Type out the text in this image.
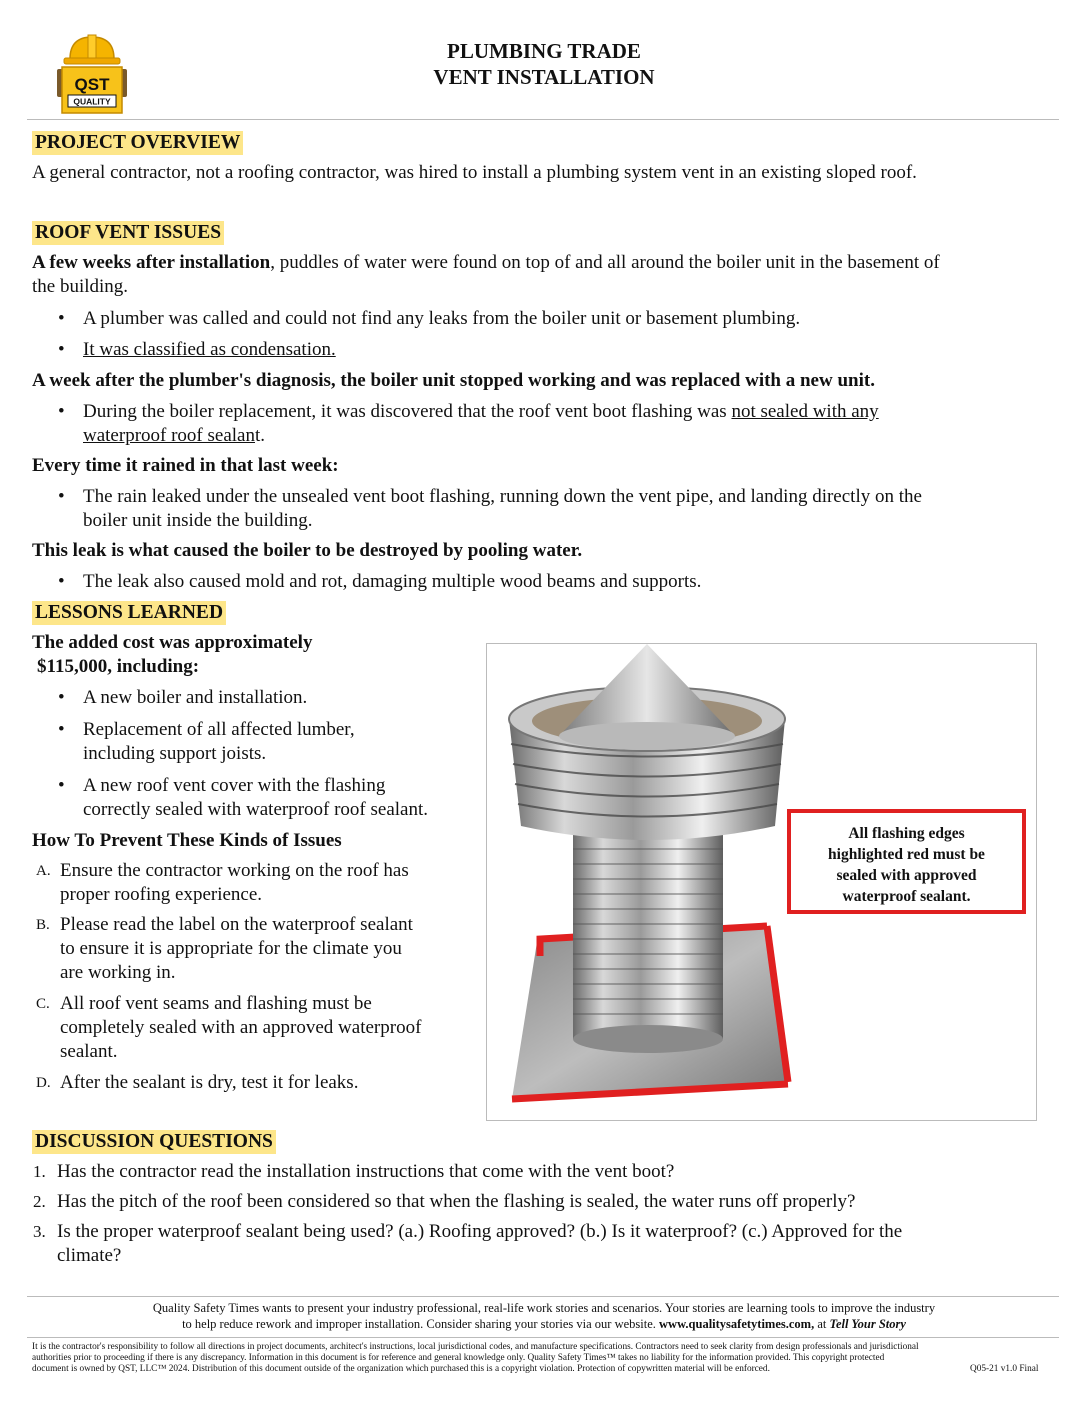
QST
QUALITY
PLUMBING TRADE
VENT INSTALLATION
PROJECT OVERVIEW
A general contractor, not a roofing contractor, was hired to install a plumbing system vent in an existing sloped roof.
ROOF VENT ISSUES
A few weeks after installation, puddles of water were found on top of and all around the boiler unit in the basement of
the building.
• A plumber was called and could not find any leaks from the boiler unit or basement plumbing.
• It was classified as condensation.
A week after the plumber's diagnosis, the boiler unit stopped working and was replaced with a new unit.
• During the boiler replacement, it was discovered that the roof vent boot flashing was not sealed with any
waterproof roof sealant.
Every time it rained in that last week:
• The rain leaked under the unsealed vent boot flashing, running down the vent pipe, and landing directly on the
boiler unit inside the building.
This leak is what caused the boiler to be destroyed by pooling water.
• The leak also caused mold and rot, damaging multiple wood beams and supports.
LESSONS LEARNED
The added cost was approximately
$115,000, including:
• A new boiler and installation.
• Replacement of all affected lumber,
including support joists.
• A new roof vent cover with the flashing
correctly sealed with waterproof roof sealant.
How To Prevent These Kinds of Issues
A. Ensure the contractor working on the roof has
proper roofing experience.
B. Please read the label on the waterproof sealant
to ensure it is appropriate for the climate you
are working in.
C. All roof vent seams and flashing must be
completely sealed with an approved waterproof
sealant.
D. After the sealant is dry, test it for leaks.
All flashing edges
highlighted red must be
sealed with approved
waterproof sealant.
DISCUSSION QUESTIONS
1. Has the contractor read the installation instructions that come with the vent boot?
2. Has the pitch of the roof been considered so that when the flashing is sealed, the water runs off properly?
3. Is the proper waterproof sealant being used? (a.) Roofing approved? (b.) Is it waterproof? (c.) Approved for the
climate?
Quality Safety Times wants to present your industry professional, real-life work stories and scenarios. Your stories are learning tools to improve the industry
to help reduce rework and improper installation. Consider sharing your stories via our website. www.qualitysafetytimes.com, at Tell Your Story
It is the contractor's responsibility to follow all directions in project documents, architect's instructions, local jurisdictional codes, and manufacture specifications. Contractors need to seek clarity from design professionals and jurisdictional
authorities prior to proceeding if there is any discrepancy. Information in this document is for reference and general knowledge only. Quality Safety Times™ takes no liability for the information provided. This copyright protected
document is owned by QST, LLC™ 2024. Distribution of this document outside of the organization which purchased this is a copyright violation. Protection of copywritten material will be enforced.	Q05-21 v1.0 Final
